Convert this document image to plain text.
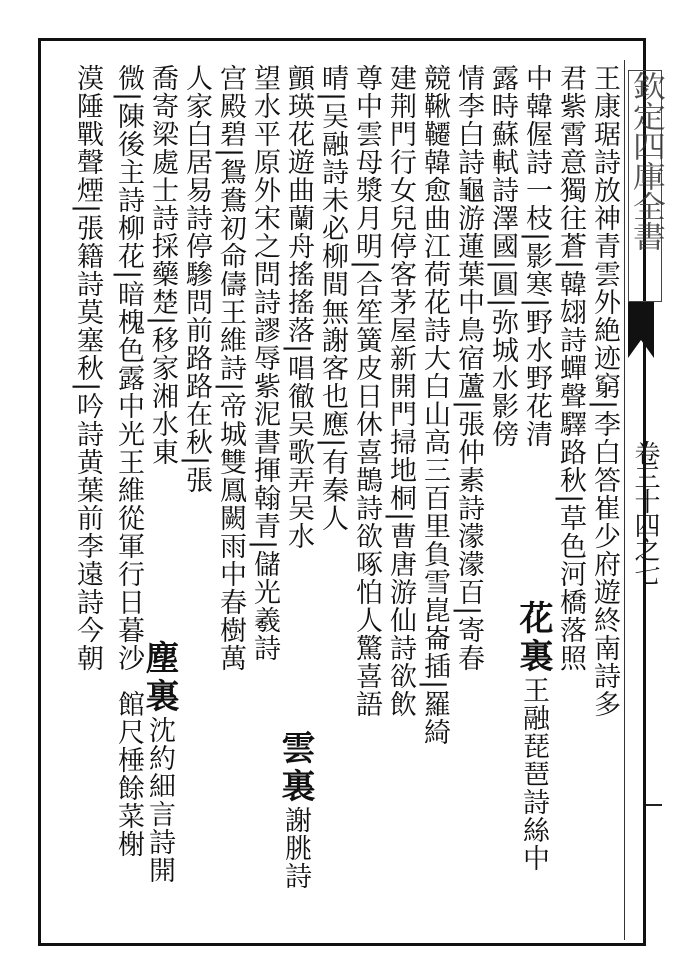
欽定四庫全書
卷三十四之七
王康琚詩放神青雲外絶迹窮|李白答崔少府遊終南詩多
君紫霄意獨往蒼|韓翃詩蟬聲驛路秋|草色河橋落照
中韓偓詩一枝|影寒|野水野花清
花裏王融琵琶詩絲中
露時蘇軾詩澤國|圓|弥城水影傍
情李白詩龜游蓮葉中鳥宿蘆|張仲素詩濛濛百|寄春
競鞦韆韓愈曲江荷花詩大白山高三百里負雪崑崙插|羅綺
建荆門行女兒停客茅屋新開門掃地桐|曹唐游仙詩欲飲
尊中雲母漿月明|合笙簧皮日休喜鵲詩欲啄怕人驚喜語
晴|吴融詩未必柳間無謝客也應|有秦人
雲裏謝朓詩
顫瑛花遊曲蘭舟搖搖落|唱徹吴歌弄吴水
望水平原外宋之問詩謬辱紫泥書揮翰青|儲光羲詩
宫殿碧|鴛鴦初命儔王維詩|帝城雙鳳闕雨中春樹萬
人家白居易詩停驂問前路路在秋|張
塵裏沈約細言詩開
喬寄梁處士詩採藥楚|移家湘水東
館尺棰餘菜榭
微|陳後主詩柳花|暗槐色露中光王維從軍行日暮沙
漠陲戰聲煙|張籍詩莫塞秋|吟詩黄葉前李遠詩今朝
